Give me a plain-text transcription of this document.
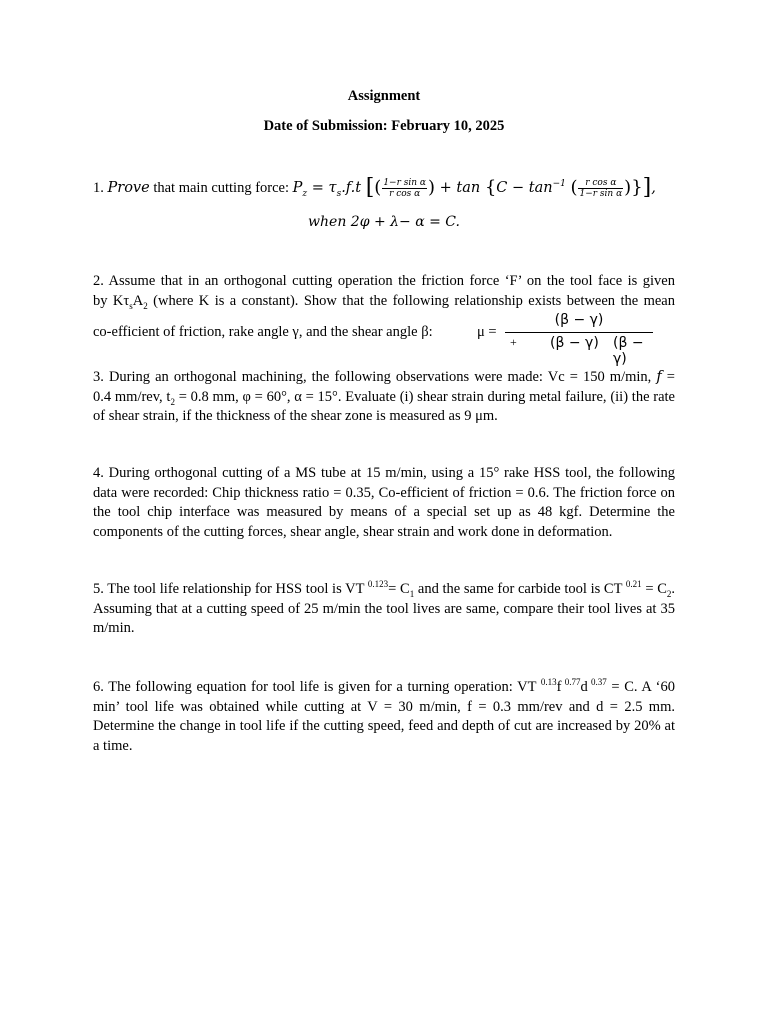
Assignment
Date of Submission: February 10, 2025
1. Prove that main cutting force: $P_z = \tau_s.f.t$ [( $\frac{\text{1−r sin α}}{\text{r cos α}}$ ) + $\tan \{C - \tan^{-1}$ ( $\frac{\text{r cos α}}{\text{1−r sin α}}$ )}],
when 2φ + λ− α = C.

2. Assume that in an orthogonal cutting operation the friction force ‘F’ on the tool face is given

by $K\tau_sA_2$ (where K is a constant). Show that the following relationship exists between the mean

co-efficient of friction, rake angle γ, and the shear angle β:	μ =
(β − γ)
+ (β − γ) (β − γ)

3. During an orthogonal machining, the following observations were made: Vc = 150 m/min, f = 0.4 mm/rev, $t_2 = 0.8$ mm, φ = 60°, α = 15°. Evaluate (i) shear strain during metal failure, (ii) the rate of shear strain, if the thickness of the shear zone is measured as 9 μm.

4. During orthogonal cutting of a MS tube at 15 m/min, using a 15° rake HSS tool, the following data were recorded: Chip thickness ratio = 0.35, Co-efficient of friction = 0.6. The friction force on the tool chip interface was measured by means of a special set up as 48 kgf. Determine the components of the cutting forces, shear angle, shear strain and work done in deformation.

5. The tool life relationship for HSS tool is VT $^{0.123}= C_1$ and the same for carbide tool is CT $^{0.21} = C_2$. Assuming that at a cutting speed of 25 m/min the tool lives are same, compare their tool lives at 35 m/min.

6. The following equation for tool life is given for a turning operation: VT $^{0.13}$f $^{0.77}$d $^{0.37}$ = C. A ‘60 min’ tool life was obtained while cutting at V = 30 m/min, f = 0.3 mm/rev and d = 2.5 mm. Determine the change in tool life if the cutting speed, feed and depth of cut are increased by 20% at a time.
